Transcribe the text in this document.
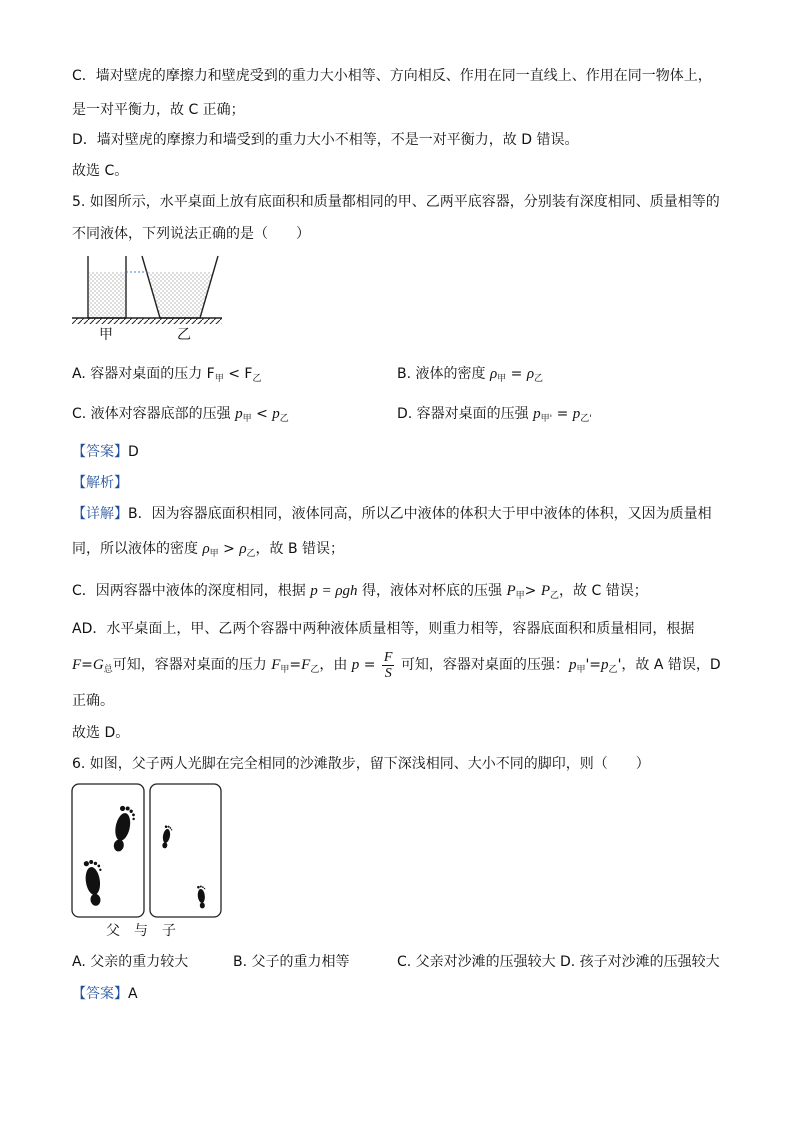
C．墙对壁虎的摩擦力和壁虎受到的重力大小相等、方向相反、作用在同一直线上、作用在同一物体上，
是一对平衡力，故 C 正确；
D．墙对壁虎的摩擦力和墙受到的重力大小不相等，不是一对平衡力，故 D 错误。
故选 C。
5. 如图所示，水平桌面上放有底面积和质量都相同的甲、乙两平底容器，分别装有深度相同、质量相等的
不同液体，下列说法正确的是（　　）
甲	乙
A. 容器对桌面的压力 $F_甲 < F_乙$	B. 液体的密度 $\rho_甲 = \rho_乙$
C. 液体对容器底部的压强 $p_甲 < p_乙$	D. 容器对桌面的压强 $p_{甲'} = p_{乙'}$
【答案】D
【解析】
【详解】B．因为容器底面积相同，液体同高，所以乙中液体的体积大于甲中液体的体积，又因为质量相
同，所以液体的密度 $\rho_甲 > \rho_乙$，故 B 错误；
C．因两容器中液体的深度相同，根据 p = ρgh 得，液体对杯底的压强 $P_甲> P_乙$，故 C 错误；
AD．水平桌面上，甲、乙两个容器中两种液体质量相等，则重力相等，容器底面积和质量相同，根据
$F=G_总$可知，容器对桌面的压力 $F_甲=F_乙$，由 $p = \frac{F}{S}$ 可知，容器对桌面的压强：$p_甲'=p_乙'$，故 A 错误，D
正确。
故选 D。
6. 如图，父子两人光脚在完全相同的沙滩散步，留下深浅相同、大小不同的脚印，则（　　）
父　与　子
A. 父亲的重力较大	B. 父子的重力相等	C. 父亲对沙滩的压强较大 D. 孩子对沙滩的压强较大
【答案】A
